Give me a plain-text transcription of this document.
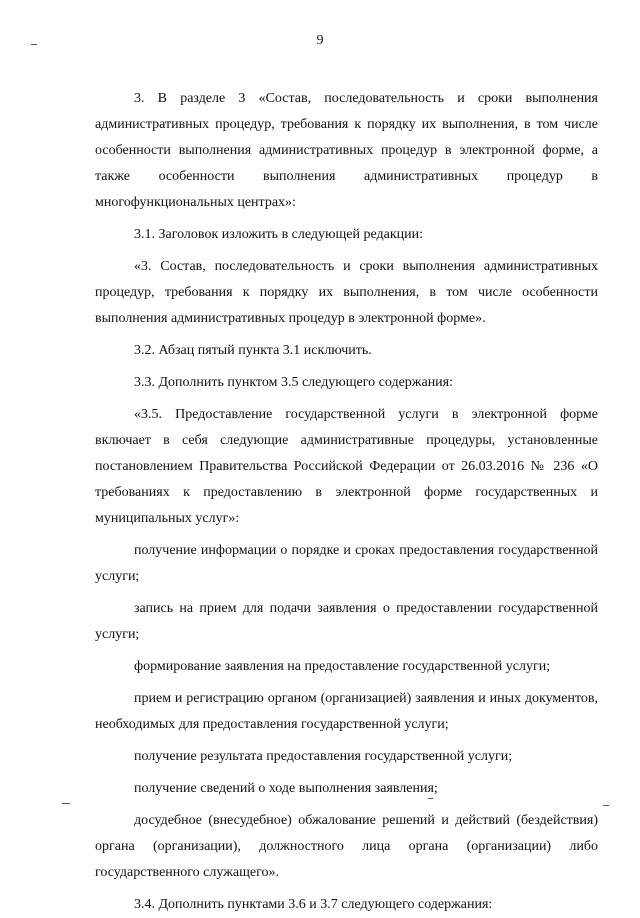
9

3. В разделе 3 «Состав, последовательность и сроки выполнения административных процедур, требования к порядку их выполнения, в том числе особенности выполнения административных процедур в электронной форме, а также особенности выполнения административных процедур в многофункциональных центрах»:

3.1. Заголовок изложить в следующей редакции:

«3. Состав, последовательность и сроки выполнения административных процедур, требования к порядку их выполнения, в том числе особенности выполнения административных процедур в электронной форме».

3.2. Абзац пятый пункта 3.1 исключить.

3.3. Дополнить пунктом 3.5 следующего содержания:

«3.5. Предоставление государственной услуги в электронной форме включает в себя следующие административные процедуры, установленные постановлением Правительства Российской Федерации от 26.03.2016 № 236 «О требованиях к предоставлению в электронной форме государственных и муниципальных услуг»:

получение информации о порядке и сроках предоставления государственной услуги;

запись на прием для подачи заявления о предоставлении государственной услуги;

формирование заявления на предоставление государственной услуги;

прием и регистрацию органом (организацией) заявления и иных документов, необходимых для предоставления государственной услуги;

получение результата предоставления государственной услуги;

получение сведений о ходе выполнения заявления;

досудебное (внесудебное) обжалование решений и действий (бездействия) органа (организации), должностного лица органа (организации) либо государственного служащего».

3.4. Дополнить пунктами 3.6 и 3.7 следующего содержания:
